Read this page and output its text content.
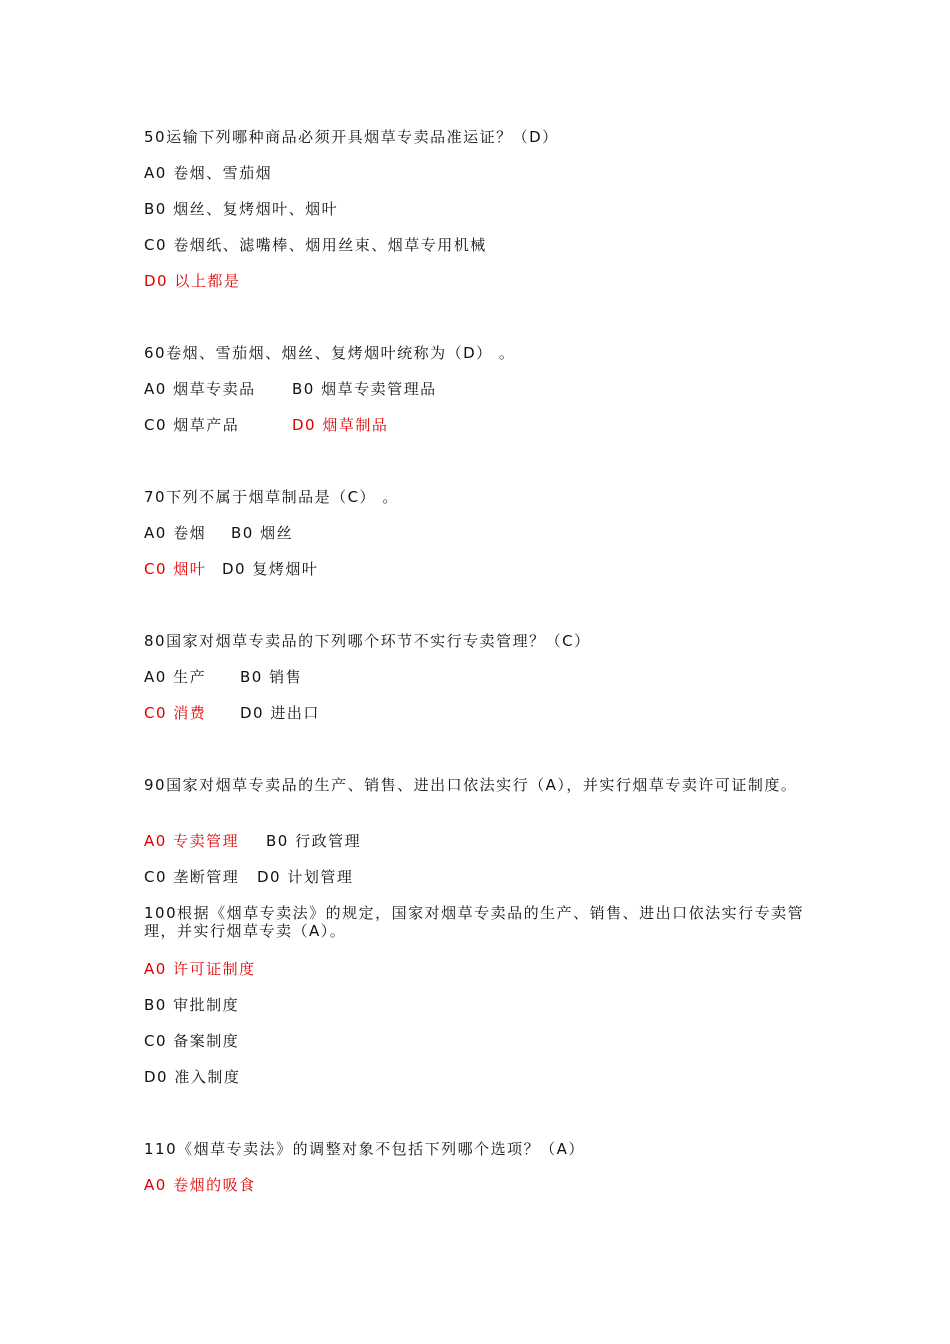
50运输下列哪种商品必须开具烟草专卖品准运证？（D）

A0 卷烟、雪茄烟

B0 烟丝、复烤烟叶、烟叶

C0 卷烟纸、滤嘴棒、烟用丝束、烟草专用机械

D0 以上都是

60卷烟、雪茄烟、烟丝、复烤烟叶统称为（D） 。

A0 烟草专卖品 B0 烟草专卖管理品

C0 烟草产品	D0 烟草制品

70下列不属于烟草制品是（C） 。

A0 卷烟 B0 烟丝

C0 烟叶 D0 复烤烟叶

80国家对烟草专卖品的下列哪个环节不实行专卖管理？（C）

A0 生产 B0 销售

C0 消费 D0 进出口

90国家对烟草专卖品的生产、销售、进出口依法实行（A），并实行烟草专卖许可证制度。

A0 专卖管理 B0 行政管理

C0 垄断管理 D0 计划管理

100根据《烟草专卖法》的规定，国家对烟草专卖品的生产、销售、进出口依法实行专卖管理，并实行烟草专卖（A）。

A0 许可证制度

B0 审批制度

C0 备案制度

D0 准入制度

110《烟草专卖法》的调整对象不包括下列哪个选项？（A）

A0 卷烟的吸食
